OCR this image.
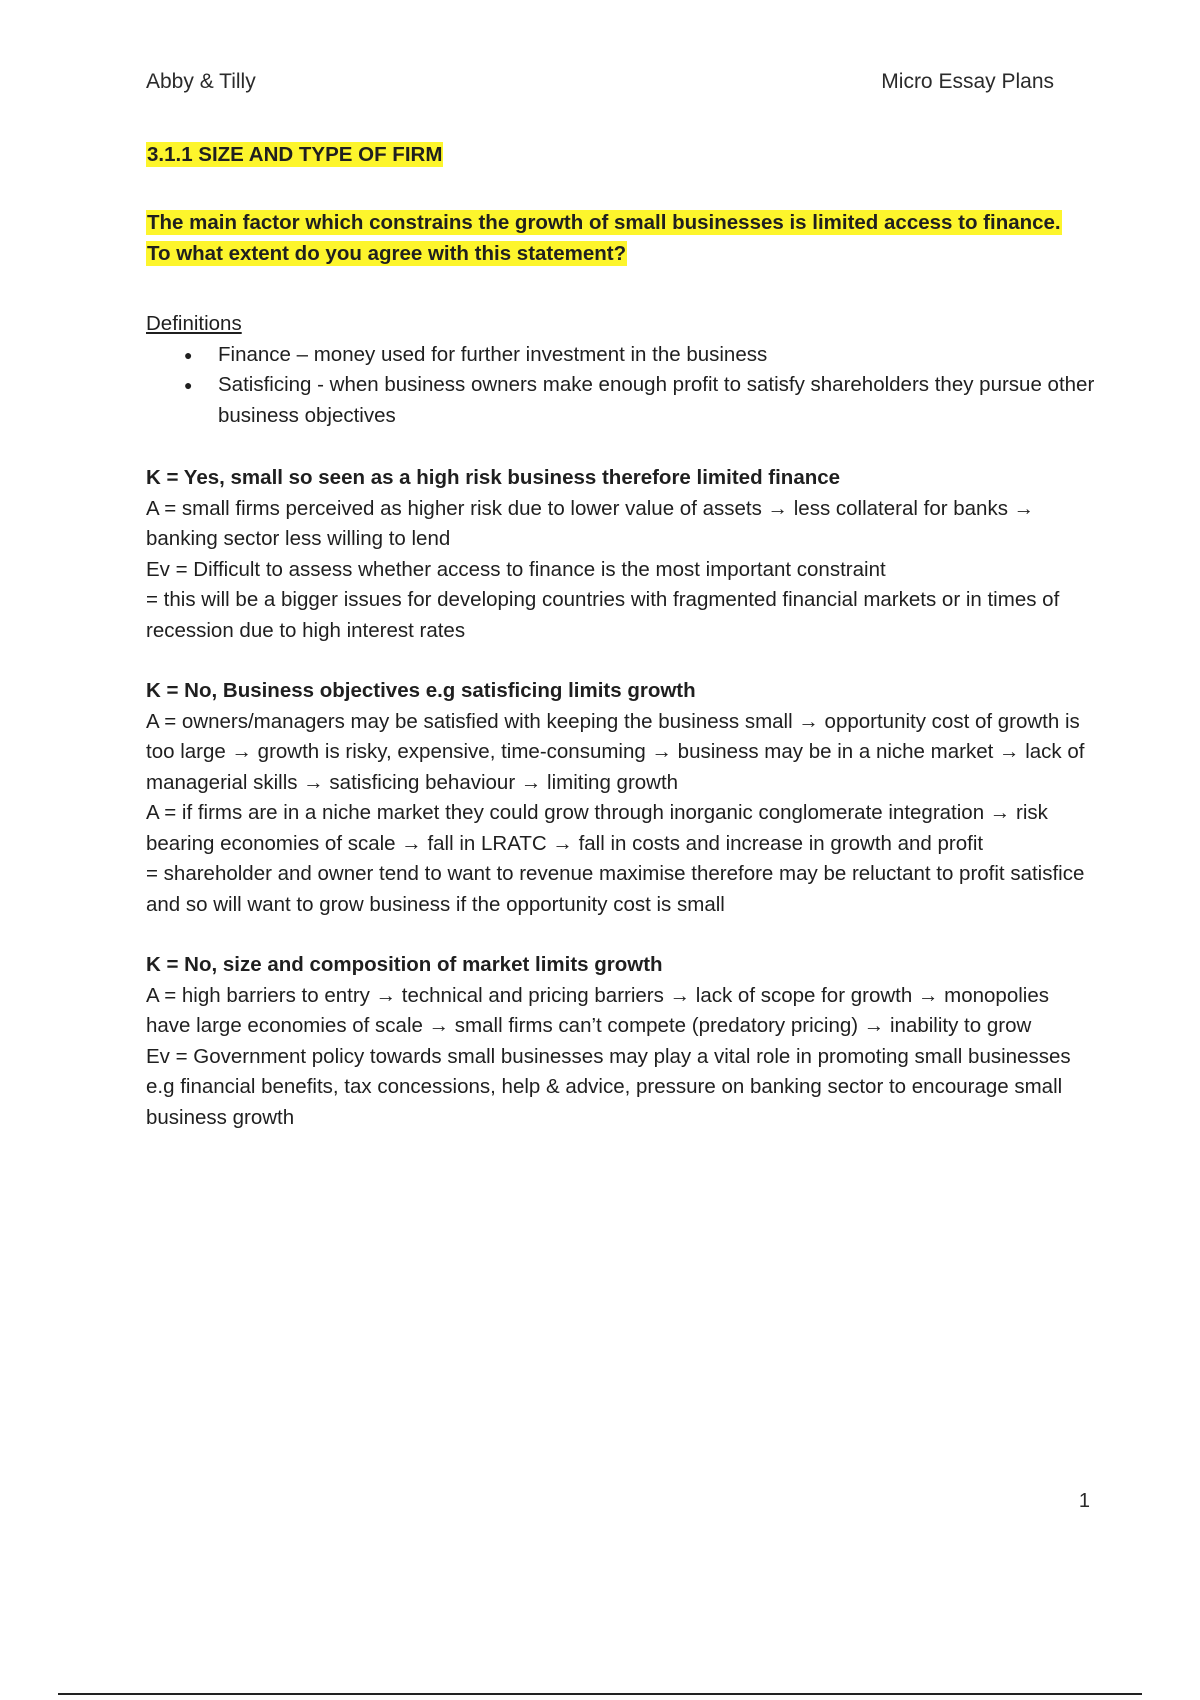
Abby & Tilly	Micro Essay Plans
3.1.1 SIZE AND TYPE OF FIRM
The main factor which constrains the growth of small businesses is limited access to finance. To what extent do you agree with this statement?

Definitions

● Finance – money used for further investment in the business
● Satisficing - when business owners make enough profit to satisfy shareholders they pursue other business objectives

K = Yes, small so seen as a high risk business therefore limited finance

A = small firms perceived as higher risk due to lower value of assets → less collateral for banks → banking sector less willing to lend

Ev = Difficult to assess whether access to finance is the most important constraint

= this will be a bigger issues for developing countries with fragmented financial markets or in times of recession due to high interest rates

K = No, Business objectives e.g satisficing limits growth

A = owners/managers may be satisfied with keeping the business small → opportunity cost of growth is too large → growth is risky, expensive, time-consuming → business may be in a niche market → lack of managerial skills → satisficing behaviour → limiting growth

A = if firms are in a niche market they could grow through inorganic conglomerate integration → risk bearing economies of scale → fall in LRATC → fall in costs and increase in growth and profit

= shareholder and owner tend to want to revenue maximise therefore may be reluctant to profit satisfice and so will want to grow business if the opportunity cost is small

K = No, size and composition of market limits growth

A = high barriers to entry → technical and pricing barriers → lack of scope for growth → monopolies have large economies of scale → small firms can’t compete (predatory pricing) → inability to grow

Ev = Government policy towards small businesses may play a vital role in promoting small businesses e.g financial benefits, tax concessions, help & advice, pressure on banking sector to encourage small business growth

1
